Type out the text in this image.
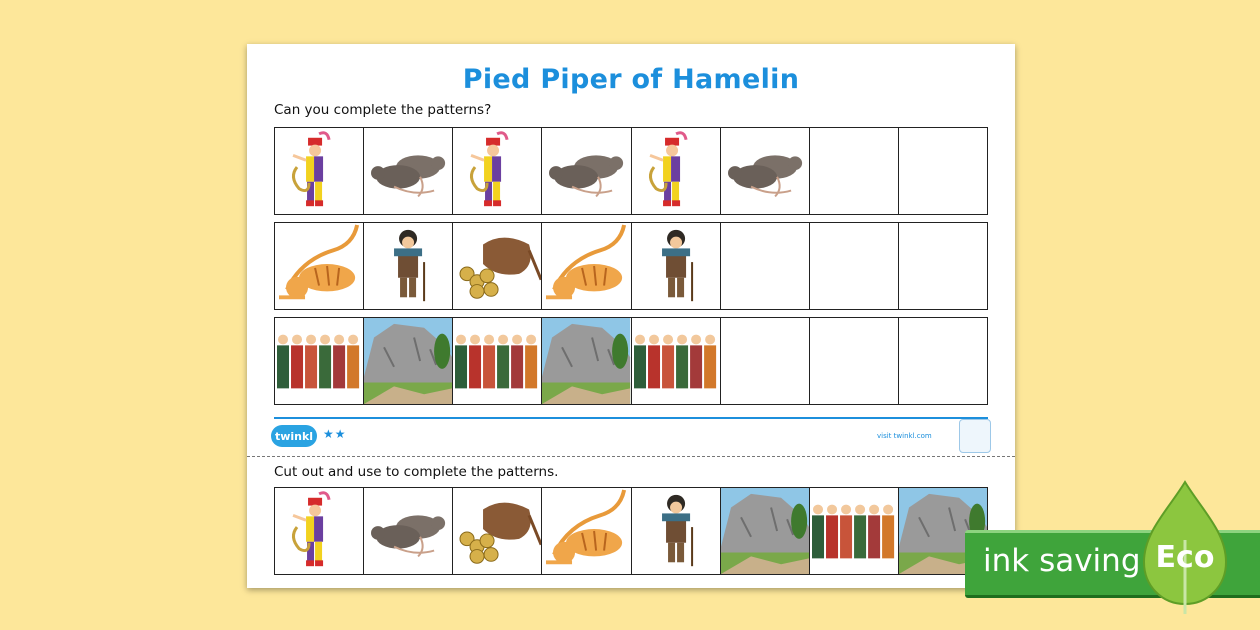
Pied Piper of Hamelin
Can you complete the patterns?
twinkl ★★	visit twinkl.com
Cut out and use to complete the patterns.
ink saving Eco
